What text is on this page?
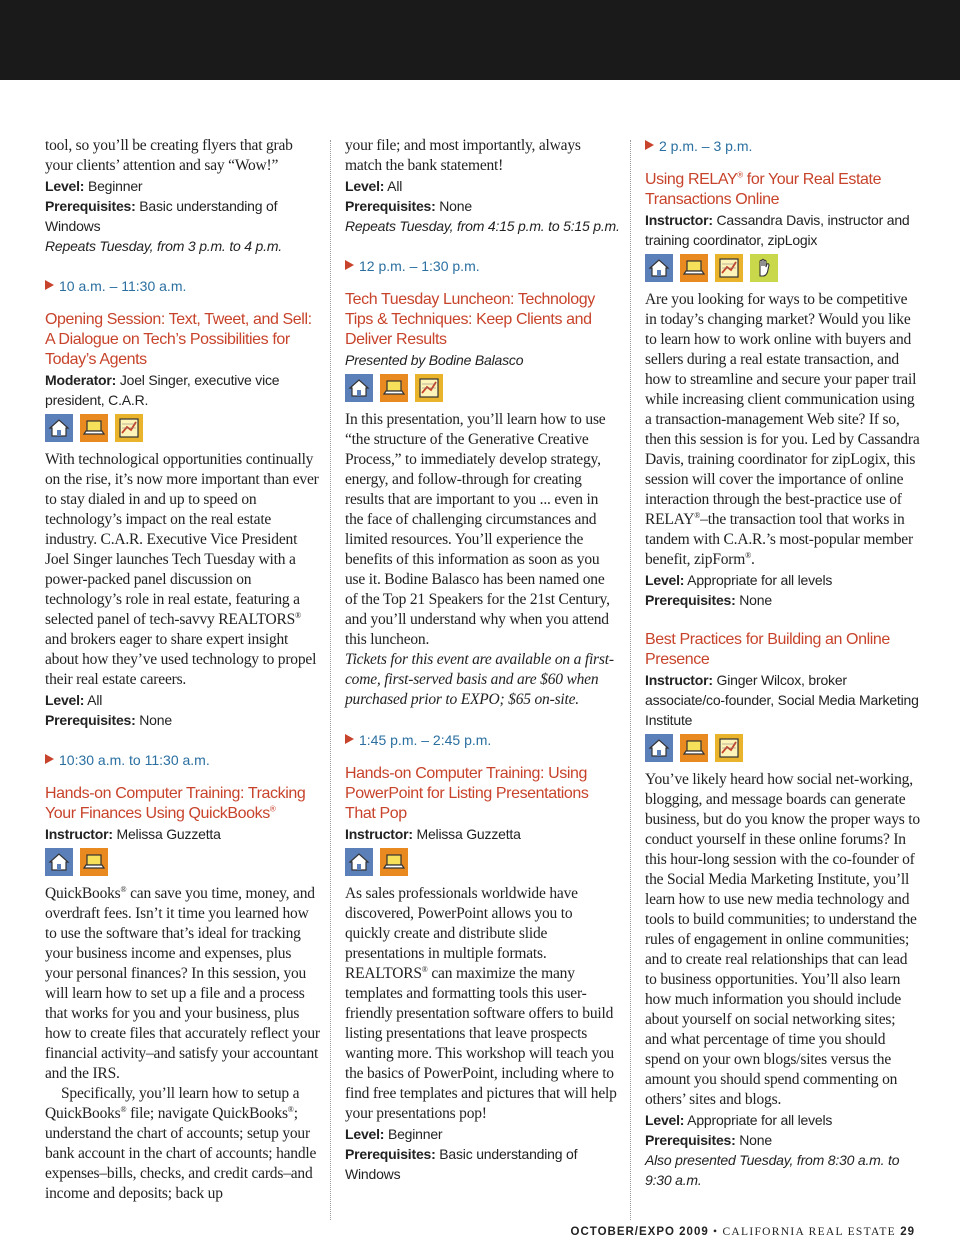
tool, so you’ll be creating flyers that grab your clients’ attention and say “Wow!”

Level: Beginner

Prerequisites: Basic understanding of Windows

Repeats Tuesday, from 3 p.m. to 4 p.m.

10 a.m. – 11:30 a.m.

Opening Session: Text, Tweet, and Sell: A Dialogue on Tech’s Possibilities for Today’s Agents

Moderator: Joel Singer, executive vice president, C.A.R.

With technological opportunities continually on the rise, it’s now more important than ever to stay dialed in and up to speed on technology’s impact on the real estate industry. C.A.R. Executive Vice President Joel Singer launches Tech Tuesday with a power-packed panel discussion on technology’s role in real estate, featuring a selected panel of tech-savvy REALTORS® and brokers eager to share expert insight about how they’ve used technology to propel their real estate careers.

Level: All

Prerequisites: None

10:30 a.m. to 11:30 a.m.

Hands-on Computer Training: Tracking Your Finances Using QuickBooks®

Instructor: Melissa Guzzetta

QuickBooks® can save you time, money, and overdraft fees. Isn’t it time you learned how to use the software that’s ideal for tracking your business income and expenses, plus your personal finances? In this session, you will learn how to set up a file and a process that works for you and your business, plus how to create files that accurately reflect your financial activity–and satisfy your accountant and the IRS.

Specifically, you’ll learn how to setup a QuickBooks® file; navigate QuickBooks®; understand the chart of accounts; setup your bank account in the chart of accounts; handle expenses–bills, checks, and credit cards–and income and deposits; back up

your file; and most importantly, always match the bank statement!

Level: All

Prerequisites: None

Repeats Tuesday, from 4:15 p.m. to 5:15 p.m.

12 p.m. – 1:30 p.m.

Tech Tuesday Luncheon: Technology Tips & Techniques: Keep Clients and Deliver Results

Presented by Bodine Balasco

In this presentation, you’ll learn how to use “the structure of the Generative Creative Process,” to immediately develop strategy, energy, and follow-through for creating results that are important to you ... even in the face of challenging circumstances and limited resources. You’ll experience the benefits of this information as soon as you use it. Bodine Balasco has been named one of the Top 21 Speakers for the 21st Century, and you’ll understand why when you attend this luncheon.

Tickets for this event are available on a first-come, first-served basis and are $60 when purchased prior to EXPO; $65 on-site.

1:45 p.m. – 2:45 p.m.

Hands-on Computer Training: Using PowerPoint for Listing Presentations That Pop

Instructor: Melissa Guzzetta

As sales professionals worldwide have discovered, PowerPoint allows you to quickly create and distribute slide presentations in multiple formats. REALTORS® can maximize the many templates and formatting tools this user-friendly presentation software offers to build listing presentations that leave prospects wanting more. This workshop will teach you the basics of PowerPoint, including where to find free templates and pictures that will help your presentations pop!

Level: Beginner

Prerequisites: Basic understanding of Windows

2 p.m. – 3 p.m.

Using RELAY® for Your Real Estate Transactions Online

Instructor: Cassandra Davis, instructor and training coordinator, zipLogix

Are you looking for ways to be competitive in today’s changing market? Would you like to learn how to work online with buyers and sellers during a real estate transaction, and how to streamline and secure your paper trail while increasing client communication using a transaction-management Web site? If so, then this session is for you. Led by Cassandra Davis, training coordinator for zipLogix, this session will cover the importance of online interaction through the best-practice use of RELAY®–the transaction tool that works in tandem with C.A.R.’s most-popular member benefit, zipForm®.

Level: Appropriate for all levels

Prerequisites: None

Best Practices for Building an Online Presence

Instructor: Ginger Wilcox, broker associate/co-founder, Social Media Marketing Institute

You’ve likely heard how social net-working, blogging, and message boards can generate business, but do you know the proper ways to conduct yourself in these online forums? In this hour-long session with the co-founder of the Social Media Marketing Institute, you’ll learn how to use new media technology and tools to build communities; to understand the rules of engagement in online communities; and to create real relationships that can lead to business opportunities. You’ll also learn how much information you should include about yourself on social networking sites; and what percentage of time you should spend on your own blogs/sites versus the amount you should spend commenting on others’ sites and blogs.

Level: Appropriate for all levels

Prerequisites: None

Also presented Tuesday, from 8:30 a.m. to 9:30 a.m.

OCTOBER/EXPO 2009 • CALIFORNIA REAL ESTATE 29
